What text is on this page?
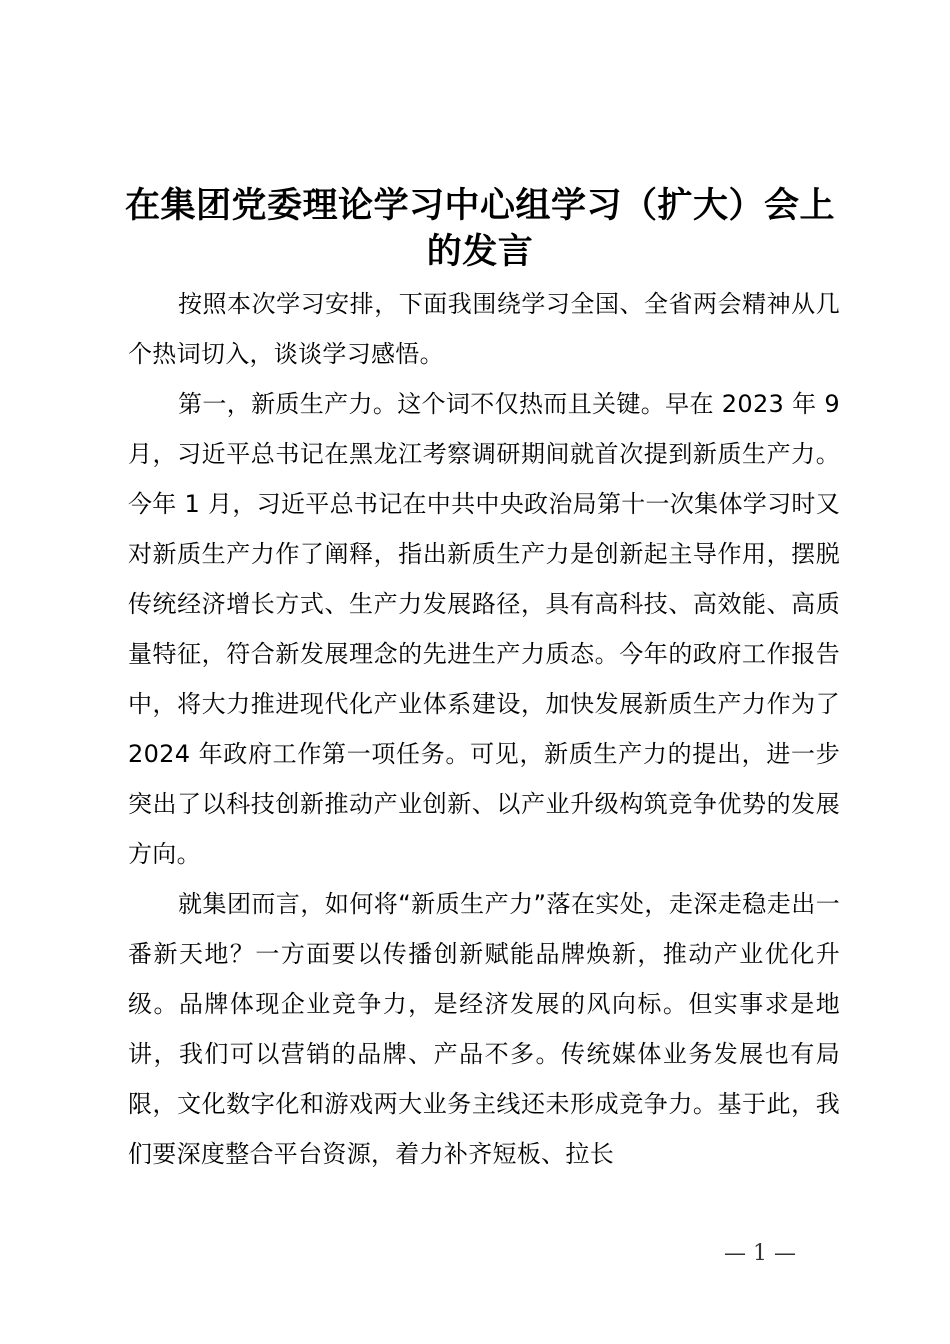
在集团党委理论学习中心组学习（扩大）会上的发言

按照本次学习安排，下面我围绕学习全国、全省两会精神从几个热词切入，谈谈学习感悟。

第一，新质生产力。这个词不仅热而且关键。早在 2023 年 9 月，习近平总书记在黑龙江考察调研期间就首次提到新质生产力。今年 1 月，习近平总书记在中共中央政治局第十一次集体学习时又对新质生产力作了阐释，指出新质生产力是创新起主导作用，摆脱传统经济增长方式、生产力发展路径，具有高科技、高效能、高质量特征，符合新发展理念的先进生产力质态。今年的政府工作报告中，将大力推进现代化产业体系建设，加快发展新质生产力作为了 2024 年政府工作第一项任务。可见，新质生产力的提出，进一步突出了以科技创新推动产业创新、以产业升级构筑竞争优势的发展方向。

就集团而言，如何将“新质生产力”落在实处，走深走稳走出一番新天地？一方面要以传播创新赋能品牌焕新，推动产业优化升级。品牌体现企业竞争力，是经济发展的风向标。但实事求是地讲，我们可以营销的品牌、产品不多。传统媒体业务发展也有局限，文化数字化和游戏两大业务主线还未形成竞争力。基于此，我们要深度整合平台资源，着力补齐短板、拉长

— 1 —
